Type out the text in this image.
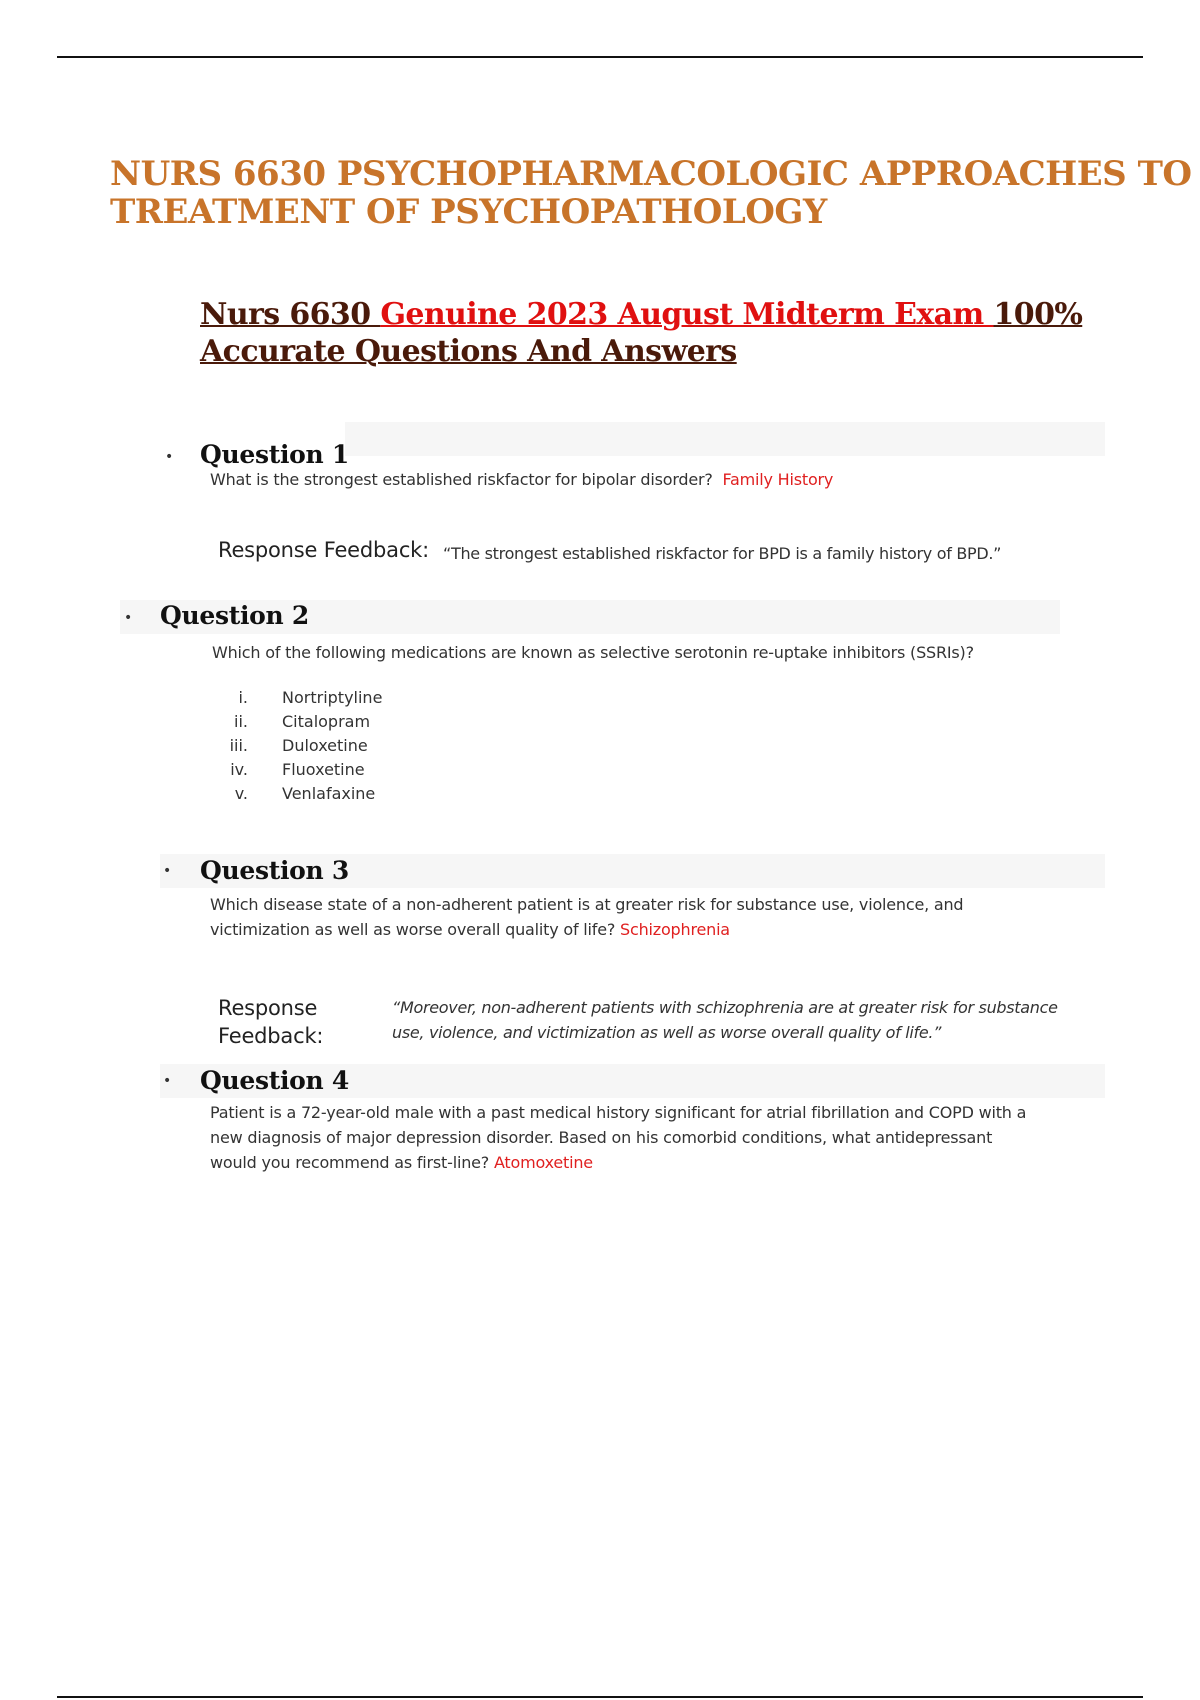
NURS 6630 PSYCHOPHARMACOLOGIC APPROACHES TO
TREATMENT OF PSYCHOPATHOLOGY
Nurs 6630 Genuine 2023 August Midterm Exam 100%
Accurate Questions And Answers
• Question 1
What is the strongest established riskfactor for bipolar disorder? Family History
Response Feedback: “The strongest established riskfactor for BPD is a family history of BPD.”
• Question 2
Which of the following medications are known as selective serotonin re-uptake inhibitors (SSRIs)?
i. Nortriptyline
ii. Citalopram
iii. Duloxetine
iv. Fluoxetine
v. Venlafaxine
• Question 3
Which disease state of a non-adherent patient is at greater risk for substance use, violence, and
victimization as well as worse overall quality of life? Schizophrenia
Response
Feedback:
“Moreover, non-adherent patients with schizophrenia are at greater risk for substance
use, violence, and victimization as well as worse overall quality of life.”
• Question 4
Patient is a 72-year-old male with a past medical history significant for atrial fibrillation and COPD with a
new diagnosis of major depression disorder. Based on his comorbid conditions, what antidepressant
would you recommend as first-line? Atomoxetine
